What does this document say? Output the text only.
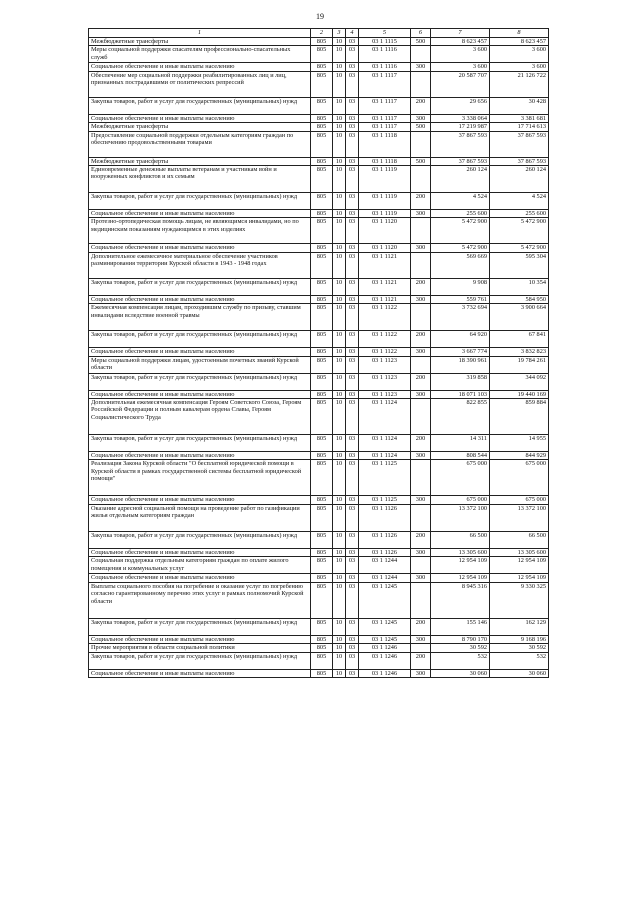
19
1	2	3	4	5	6	7	8
Межбюджетные трансферты	805	10	03	03 1 1115	500	8 623 457	8 623 457
Меры социальной поддержки спасателям профессионально-спасательных служб	805	10	03	03 1 1116		3 600	3 600
Социальное обеспечение и иные выплаты населению	805	10	03	03 1 1116	300	3 600	3 600
Обеспечение мер социальной поддержки реабилитированных лиц и лиц, признанных пострадавшими от политических репрессий	805	10	03	03 1 1117		20 587 707	21 126 722
Закупка товаров, работ и услуг для государственных (муниципальных) нужд	805	10	03	03 1 1117	200	29 656	30 428
Социальное обеспечение и иные выплаты населению	805	10	03	03 1 1117	300	3 338 064	3 381 681
Межбюджетные трансферты	805	10	03	03 1 1117	500	17 219 987	17 714 613
Предоставление социальной поддержки отдельным категориям граждан по обеспечению продовольственными товарами	805	10	03	03 1 1118		37 867 593	37 867 593
Межбюджетные трансферты	805	10	03	03 1 1118	500	37 867 593	37 867 593
Единовременные денежные выплаты ветеранам и участникам войн и вооруженных конфликтов и их семьям	805	10	03	03 1 1119		260 124	260 124
Закупка товаров, работ и услуг для государственных (муниципальных) нужд	805	10	03	03 1 1119	200	4 524	4 524
Социальное обеспечение и иные выплаты населению	805	10	03	03 1 1119	300	255 600	255 600
Протезно-ортопедическая помощь лицам, не являющимся инвалидами, но по медицинским показаниям нуждающимся в этих изделиях	805	10	03	03 1 1120		5 472 900	5 472 900
Социальное обеспечение и иные выплаты населению	805	10	03	03 1 1120	300	5 472 900	5 472 900
Дополнительное ежемесячное материальное обеспечение участников разминирования территории Курской области в 1943 - 1948 годах	805	10	03	03 1 1121		569 669	595 304
Закупка товаров, работ и услуг для государственных (муниципальных) нужд	805	10	03	03 1 1121	200	9 908	10 354
Социальное обеспечение и иные выплаты населению	805	10	03	03 1 1121	300	559 761	584 950
Ежемесячная компенсация лицам, проходившим службу по призыву, ставшим инвалидами вследствие военной травмы	805	10	03	03 1 1122		3 732 694	3 900 664
Закупка товаров, работ и услуг для государственных (муниципальных) нужд	805	10	03	03 1 1122	200	64 920	67 841
Социальное обеспечение и иные выплаты населению	805	10	03	03 1 1122	300	3 667 774	3 832 823
Меры социальной поддержки лицам, удостоенным почетных званий Курской области	805	10	03	03 1 1123		18 390 961	19 784 261
Закупка товаров, работ и услуг для государственных (муниципальных) нужд	805	10	03	03 1 1123	200	319 858	344 092
Социальное обеспечение и иные выплаты населению	805	10	03	03 1 1123	300	18 071 103	19 440 169
Дополнительная ежемесячная компенсация Героям Советского Союза, Героям Российской Федерации и полным кавалерам ордена Славы, Героям Социалистического Труда	805	10	03	03 1 1124		822 855	859 884
Закупка товаров, работ и услуг для государственных (муниципальных) нужд	805	10	03	03 1 1124	200	14 311	14 955
Социальное обеспечение и иные выплаты населению	805	10	03	03 1 1124	300	808 544	844 929
Реализация Закона Курской области "О бесплатной юридической помощи в Курской области в рамках государственной системы бесплатной юридической помощи"	805	10	03	03 1 1125		675 000	675 000
Социальное обеспечение и иные выплаты населению	805	10	03	03 1 1125	300	675 000	675 000
Оказание адресной социальной помощи на проведение работ по газификации жилья отдельным категориям граждан	805	10	03	03 1 1126		13 372 100	13 372 100
Закупка товаров, работ и услуг для государственных (муниципальных) нужд	805	10	03	03 1 1126	200	66 500	66 500
Социальное обеспечение и иные выплаты населению	805	10	03	03 1 1126	300	13 305 600	13 305 600
Социальная поддержка отдельным категориям граждан по оплате жилого помещения и коммунальных услуг	805	10	03	03 1 1244		12 954 109	12 954 109
Социальное обеспечение и иные выплаты населению	805	10	03	03 1 1244	300	12 954 109	12 954 109
Выплаты социального пособия на погребение и оказание услуг по погребению согласно гарантированному перечню этих услуг в рамках полномочий Курской области	805	10	03	03 1 1245		8 945 316	9 330 325
Закупка товаров, работ и услуг для государственных (муниципальных) нужд	805	10	03	03 1 1245	200	155 146	162 129
Социальное обеспечение и иные выплаты населению	805	10	03	03 1 1245	300	8 790 170	9 168 196
Прочие мероприятия в области социальной политики	805	10	03	03 1 1246		30 592	30 592
Закупка товаров, работ и услуг для государственных (муниципальных) нужд	805	10	03	03 1 1246	200	532	532
Социальное обеспечение и иные выплаты населению	805	10	03	03 1 1246	300	30 060	30 060
